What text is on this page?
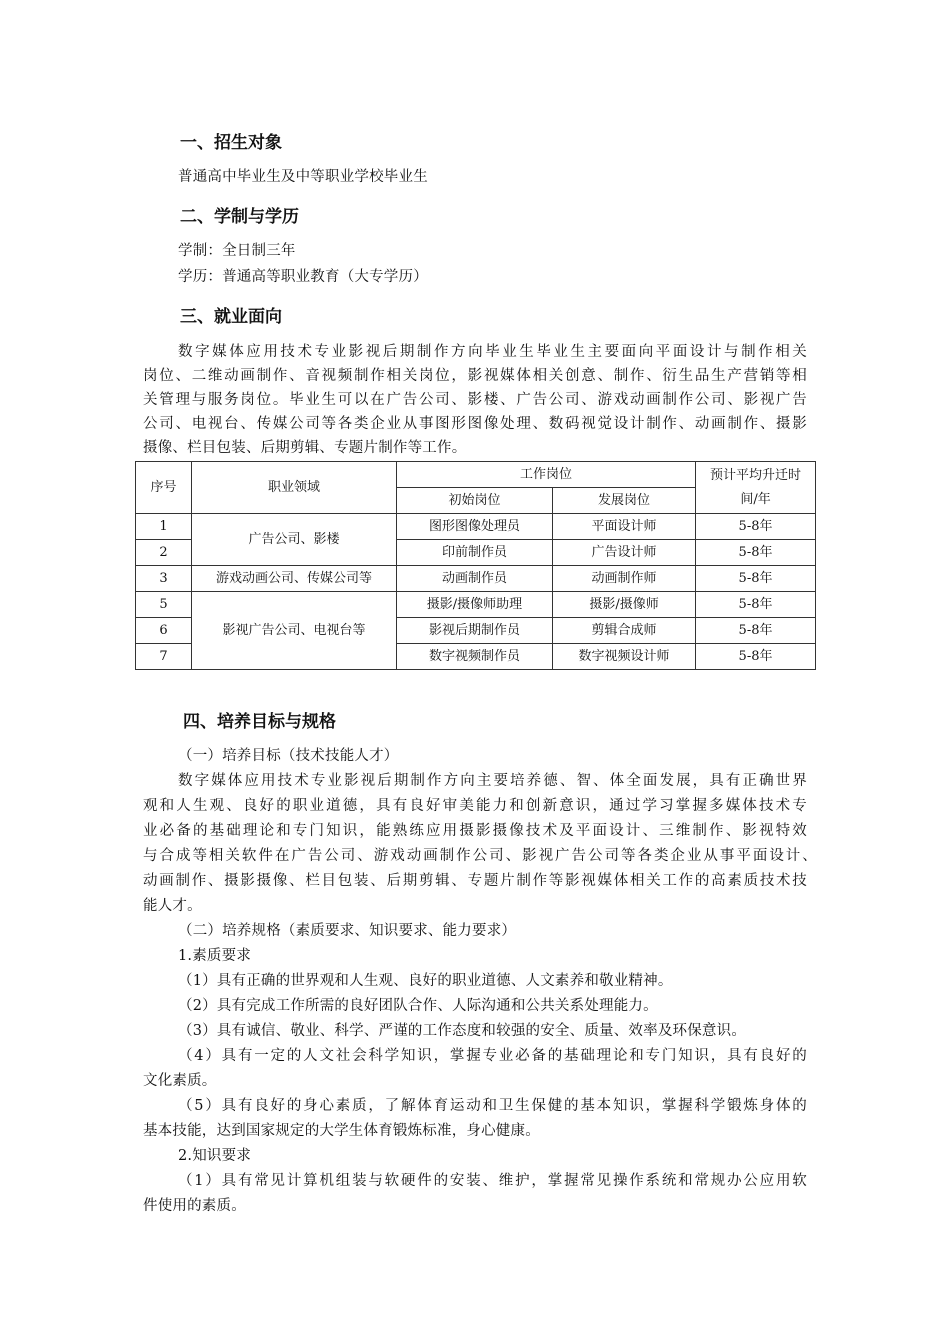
一、招生对象
普通高中毕业生及中等职业学校毕业生
二、学制与学历
学制：全日制三年
学历：普通高等职业教育（大专学历）
三、就业面向
数字媒体应用技术专业影视后期制作方向毕业生毕业生主要面向平面设计与制作相关
岗位、二维动画制作、音视频制作相关岗位，影视媒体相关创意、制作、衍生品生产营销等相
关管理与服务岗位。毕业生可以在广告公司、影楼、广告公司、游戏动画制作公司、影视广告
公司、电视台、传媒公司等各类企业从事图形图像处理、数码视觉设计制作、动画制作、摄影
摄像、栏目包装、后期剪辑、专题片制作等工作。
序号	职业领域	工作岗位		预计平均升迁时
间/年

		初始岗位	发展岗位	
1	广告公司、影楼	图形图像处理员	平面设计师	5-8年
2		印前制作员	广告设计师	5-8年
3	游戏动画公司、传媒公司等	动画制作员	动画制作师	5-8年
5	影视广告公司、电视台等	摄影/摄像师助理	摄影/摄像师	5-8年
6		影视后期制作员	剪辑合成师	5-8年
7		数字视频制作员	数字视频设计师	5-8年
四、培养目标与规格
（一）培养目标（技术技能人才）
数字媒体应用技术专业影视后期制作方向主要培养德、智、体全面发展，具有正确世界
观和人生观、良好的职业道德，具有良好审美能力和创新意识，通过学习掌握多媒体技术专
业必备的基础理论和专门知识，能熟练应用摄影摄像技术及平面设计、三维制作、影视特效
与合成等相关软件在广告公司、游戏动画制作公司、影视广告公司等各类企业从事平面设计、
动画制作、摄影摄像、栏目包装、后期剪辑、专题片制作等影视媒体相关工作的高素质技术技
能人才。
（二）培养规格（素质要求、知识要求、能力要求）
1.素质要求
（1）具有正确的世界观和人生观、良好的职业道德、人文素养和敬业精神。
（2）具有完成工作所需的良好团队合作、人际沟通和公共关系处理能力。
（3）具有诚信、敬业、科学、严谨的工作态度和较强的安全、质量、效率及环保意识。
（4）具有一定的人文社会科学知识，掌握专业必备的基础理论和专门知识，具有良好的
文化素质。
（5）具有良好的身心素质，了解体育运动和卫生保健的基本知识，掌握科学锻炼身体的
基本技能，达到国家规定的大学生体育锻炼标准，身心健康。
2.知识要求
（1）具有常见计算机组装与软硬件的安装、维护，掌握常见操作系统和常规办公应用软
件使用的素质。
